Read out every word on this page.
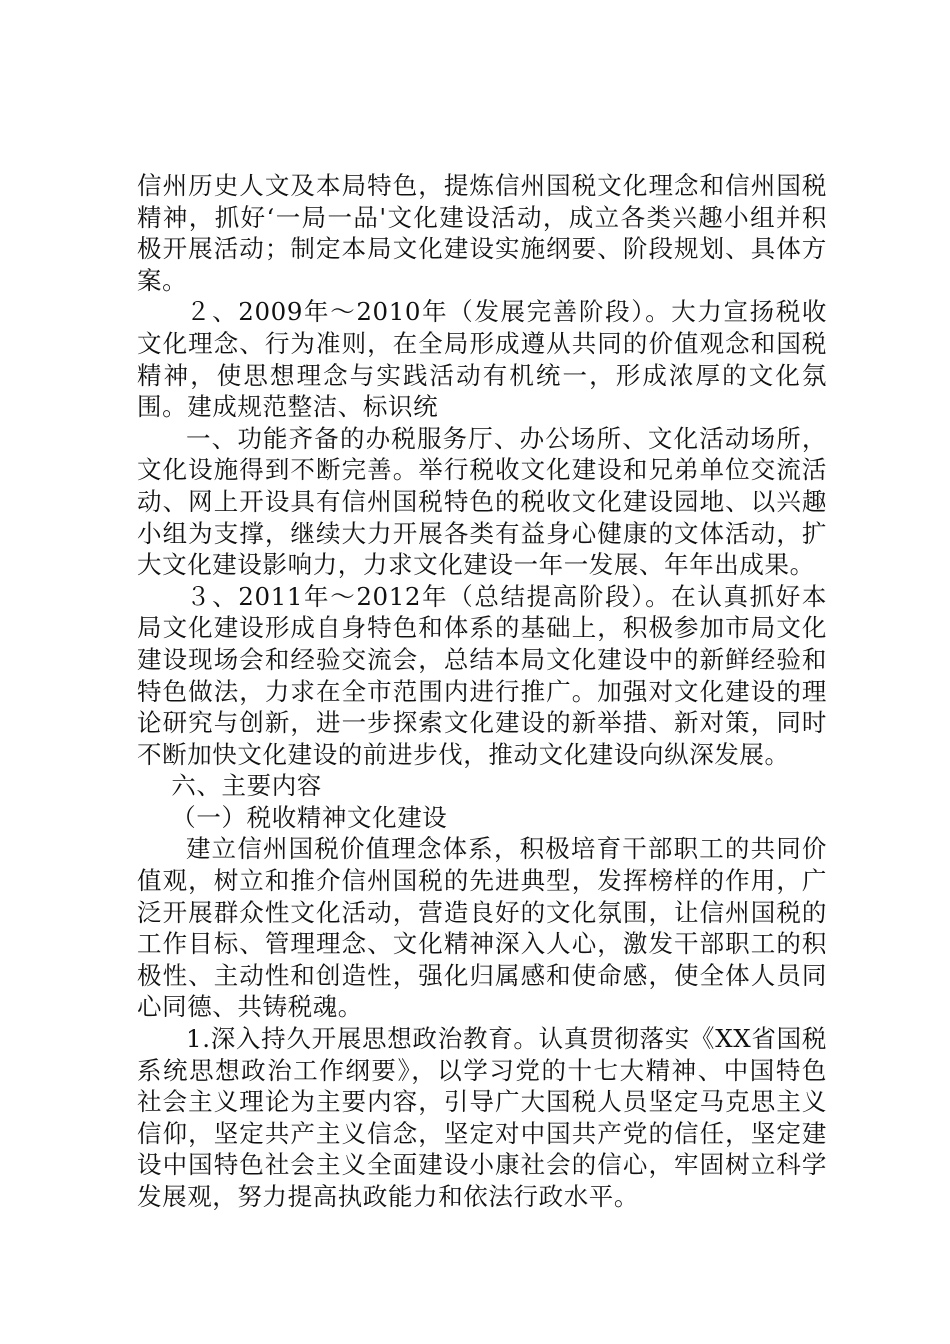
信州历史人文及本局特色，提炼信州国税文化理念和信州国税精神，抓好‘一局一品'文化建设活动，成立各类兴趣小组并积极开展活动；制定本局文化建设实施纲要、阶段规划、具体方案。

２、2009年～2010年（发展完善阶段）。大力宣扬税收文化理念、行为准则，在全局形成遵从共同的价值观念和国税精神，使思想理念与实践活动有机统一，形成浓厚的文化氛围。建成规范整洁、标识统

一、功能齐备的办税服务厅、办公场所、文化活动场所，文化设施得到不断完善。举行税收文化建设和兄弟单位交流活动、网上开设具有信州国税特色的税收文化建设园地、以兴趣小组为支撑，继续大力开展各类有益身心健康的文体活动，扩大文化建设影响力，力求文化建设一年一发展、年年出成果。

３、2011年～2012年（总结提高阶段）。在认真抓好本局文化建设形成自身特色和体系的基础上，积极参加市局文化建设现场会和经验交流会，总结本局文化建设中的新鲜经验和特色做法，力求在全市范围内进行推广。加强对文化建设的理论研究与创新，进一步探索文化建设的新举措、新对策，同时不断加快文化建设的前进步伐，推动文化建设向纵深发展。

六、主要内容

（一）税收精神文化建设

建立信州国税价值理念体系，积极培育干部职工的共同价值观，树立和推介信州国税的先进典型，发挥榜样的作用，广泛开展群众性文化活动，营造良好的文化氛围，让信州国税的工作目标、管理理念、文化精神深入人心，激发干部职工的积极性、主动性和创造性，强化归属感和使命感，使全体人员同心同德、共铸税魂。

1.深入持久开展思想政治教育。认真贯彻落实《XX省国税系统思想政治工作纲要》，以学习党的十七大精神、中国特色社会主义理论为主要内容，引导广大国税人员坚定马克思主义信仰，坚定共产主义信念，坚定对中国共产党的信任，坚定建设中国特色社会主义全面建设小康社会的信心，牢固树立科学发展观，努力提高执政能力和依法行政水平。
